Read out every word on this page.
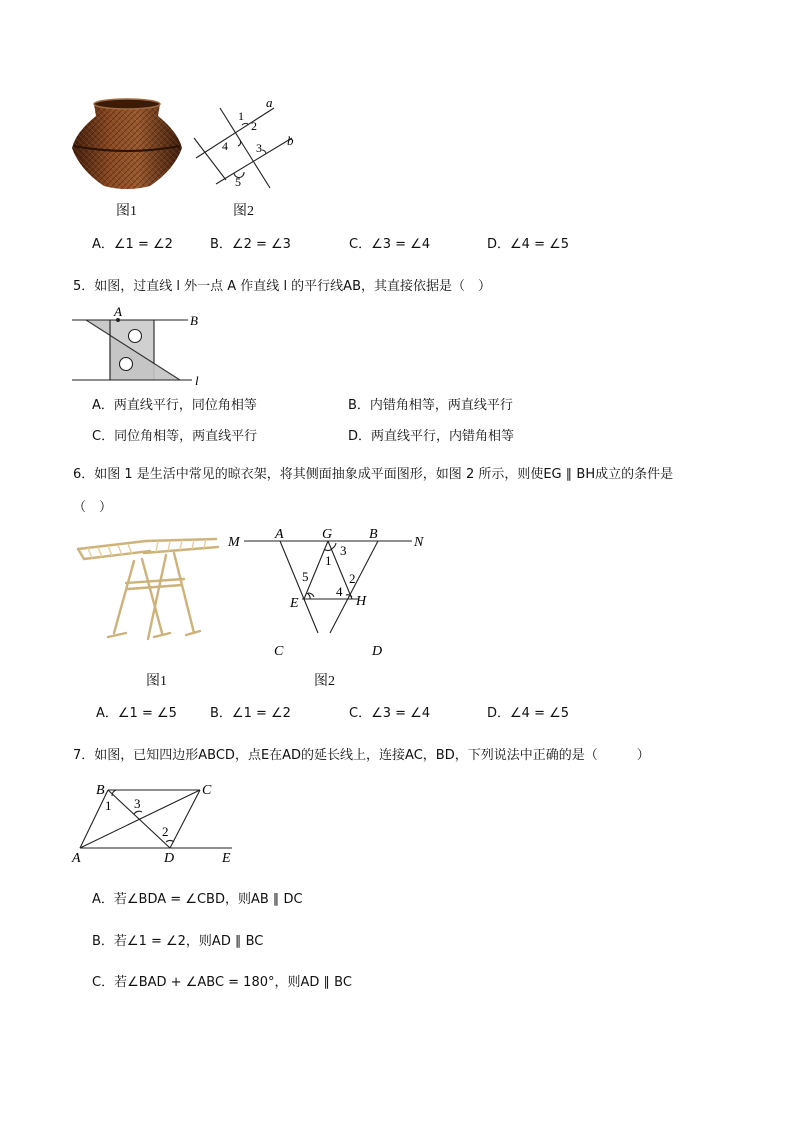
图1
a
b
1
2
4 3
5
图2
A．∠1 = ∠2	B．∠2 = ∠3	C．∠3 = ∠4	D．∠4 = ∠5
5．如图，过直线 l 外一点 A 作直线 l 的平行线AB，其直接依据是（　）
A
B
l
A．两直线平行，同位角相等	B．内错角相等，两直线平行
C．同位角相等，两直线平行	D．两直线平行，内错角相等
6．如图 1 是生活中常见的晾衣架，将其侧面抽象成平面图形，如图 2 所示，则使EG ∥ BH成立的条件是
（　）
图1
M
A	G	B
N
E	H
C	D
3
1
5	2
4
图2
A．∠1 = ∠5	B．∠1 = ∠2	C．∠3 = ∠4	D．∠4 = ∠5
7．如图，已知四边形ABCD，点E在AD的延长线上，连接AC，BD，下列说法中正确的是（　　　）
B	C
A	D	E
1 3
2
A．若∠BDA = ∠CBD，则AB ∥ DC
B．若∠1 = ∠2，则AD ∥ BC
C．若∠BAD + ∠ABC = 180°，则AD ∥ BC
